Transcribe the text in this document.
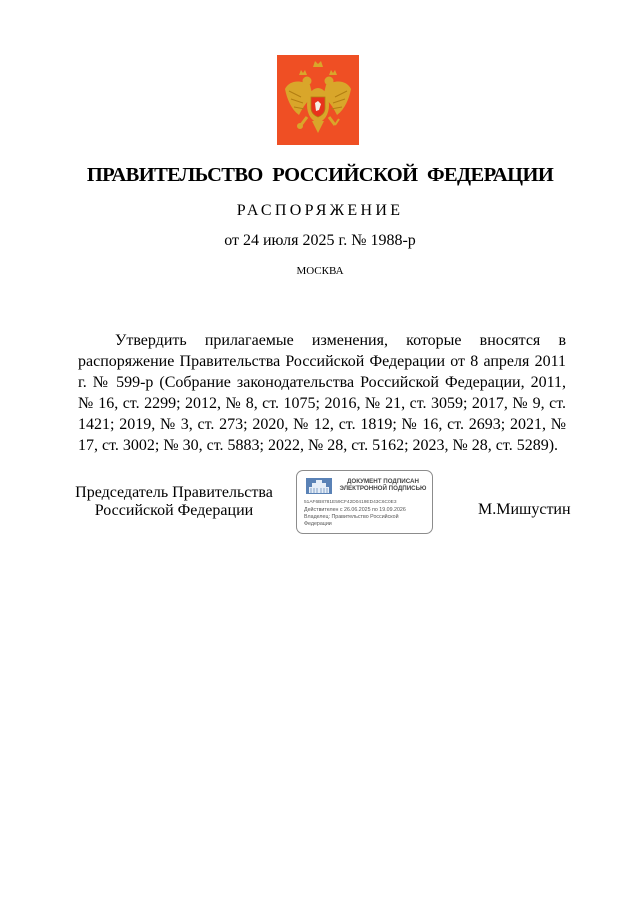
ПРАВИТЕЛЬСТВО РОССИЙСКОЙ ФЕДЕРАЦИИ
РАСПОРЯЖЕНИЕ
от 24 июля 2025 г. № 1988-р
МОСКВА

Утвердить прилагаемые изменения, которые вносятся в распоряжение Правительства Российской Федерации от 8 апреля 2011 г. № 599-р (Собрание законодательства Российской Федерации, 2011, № 16, ст. 2299; 2012, № 8, ст. 1075; 2016, № 21, ст. 3059; 2017, № 9, ст. 1421; 2019, № 3, ст. 273; 2020, № 12, ст. 1819; № 16, ст. 2693; 2021, № 17, ст. 3002; № 30, ст. 5883; 2022, № 28, ст. 5162; 2023, № 28, ст. 5289).

Председатель Правительства
Российской Федерации
ДОКУМЕНТ ПОДПИСАН
ЭЛЕКТРОННОЙ ПОДПИСЬЮ
51AF6B8781E59CF42D0419ED43C6C0E3
Действителен с 26.06.2025 по 19.09.2026
Владелец: Правительство Российской Федерации
М.Мишустин
